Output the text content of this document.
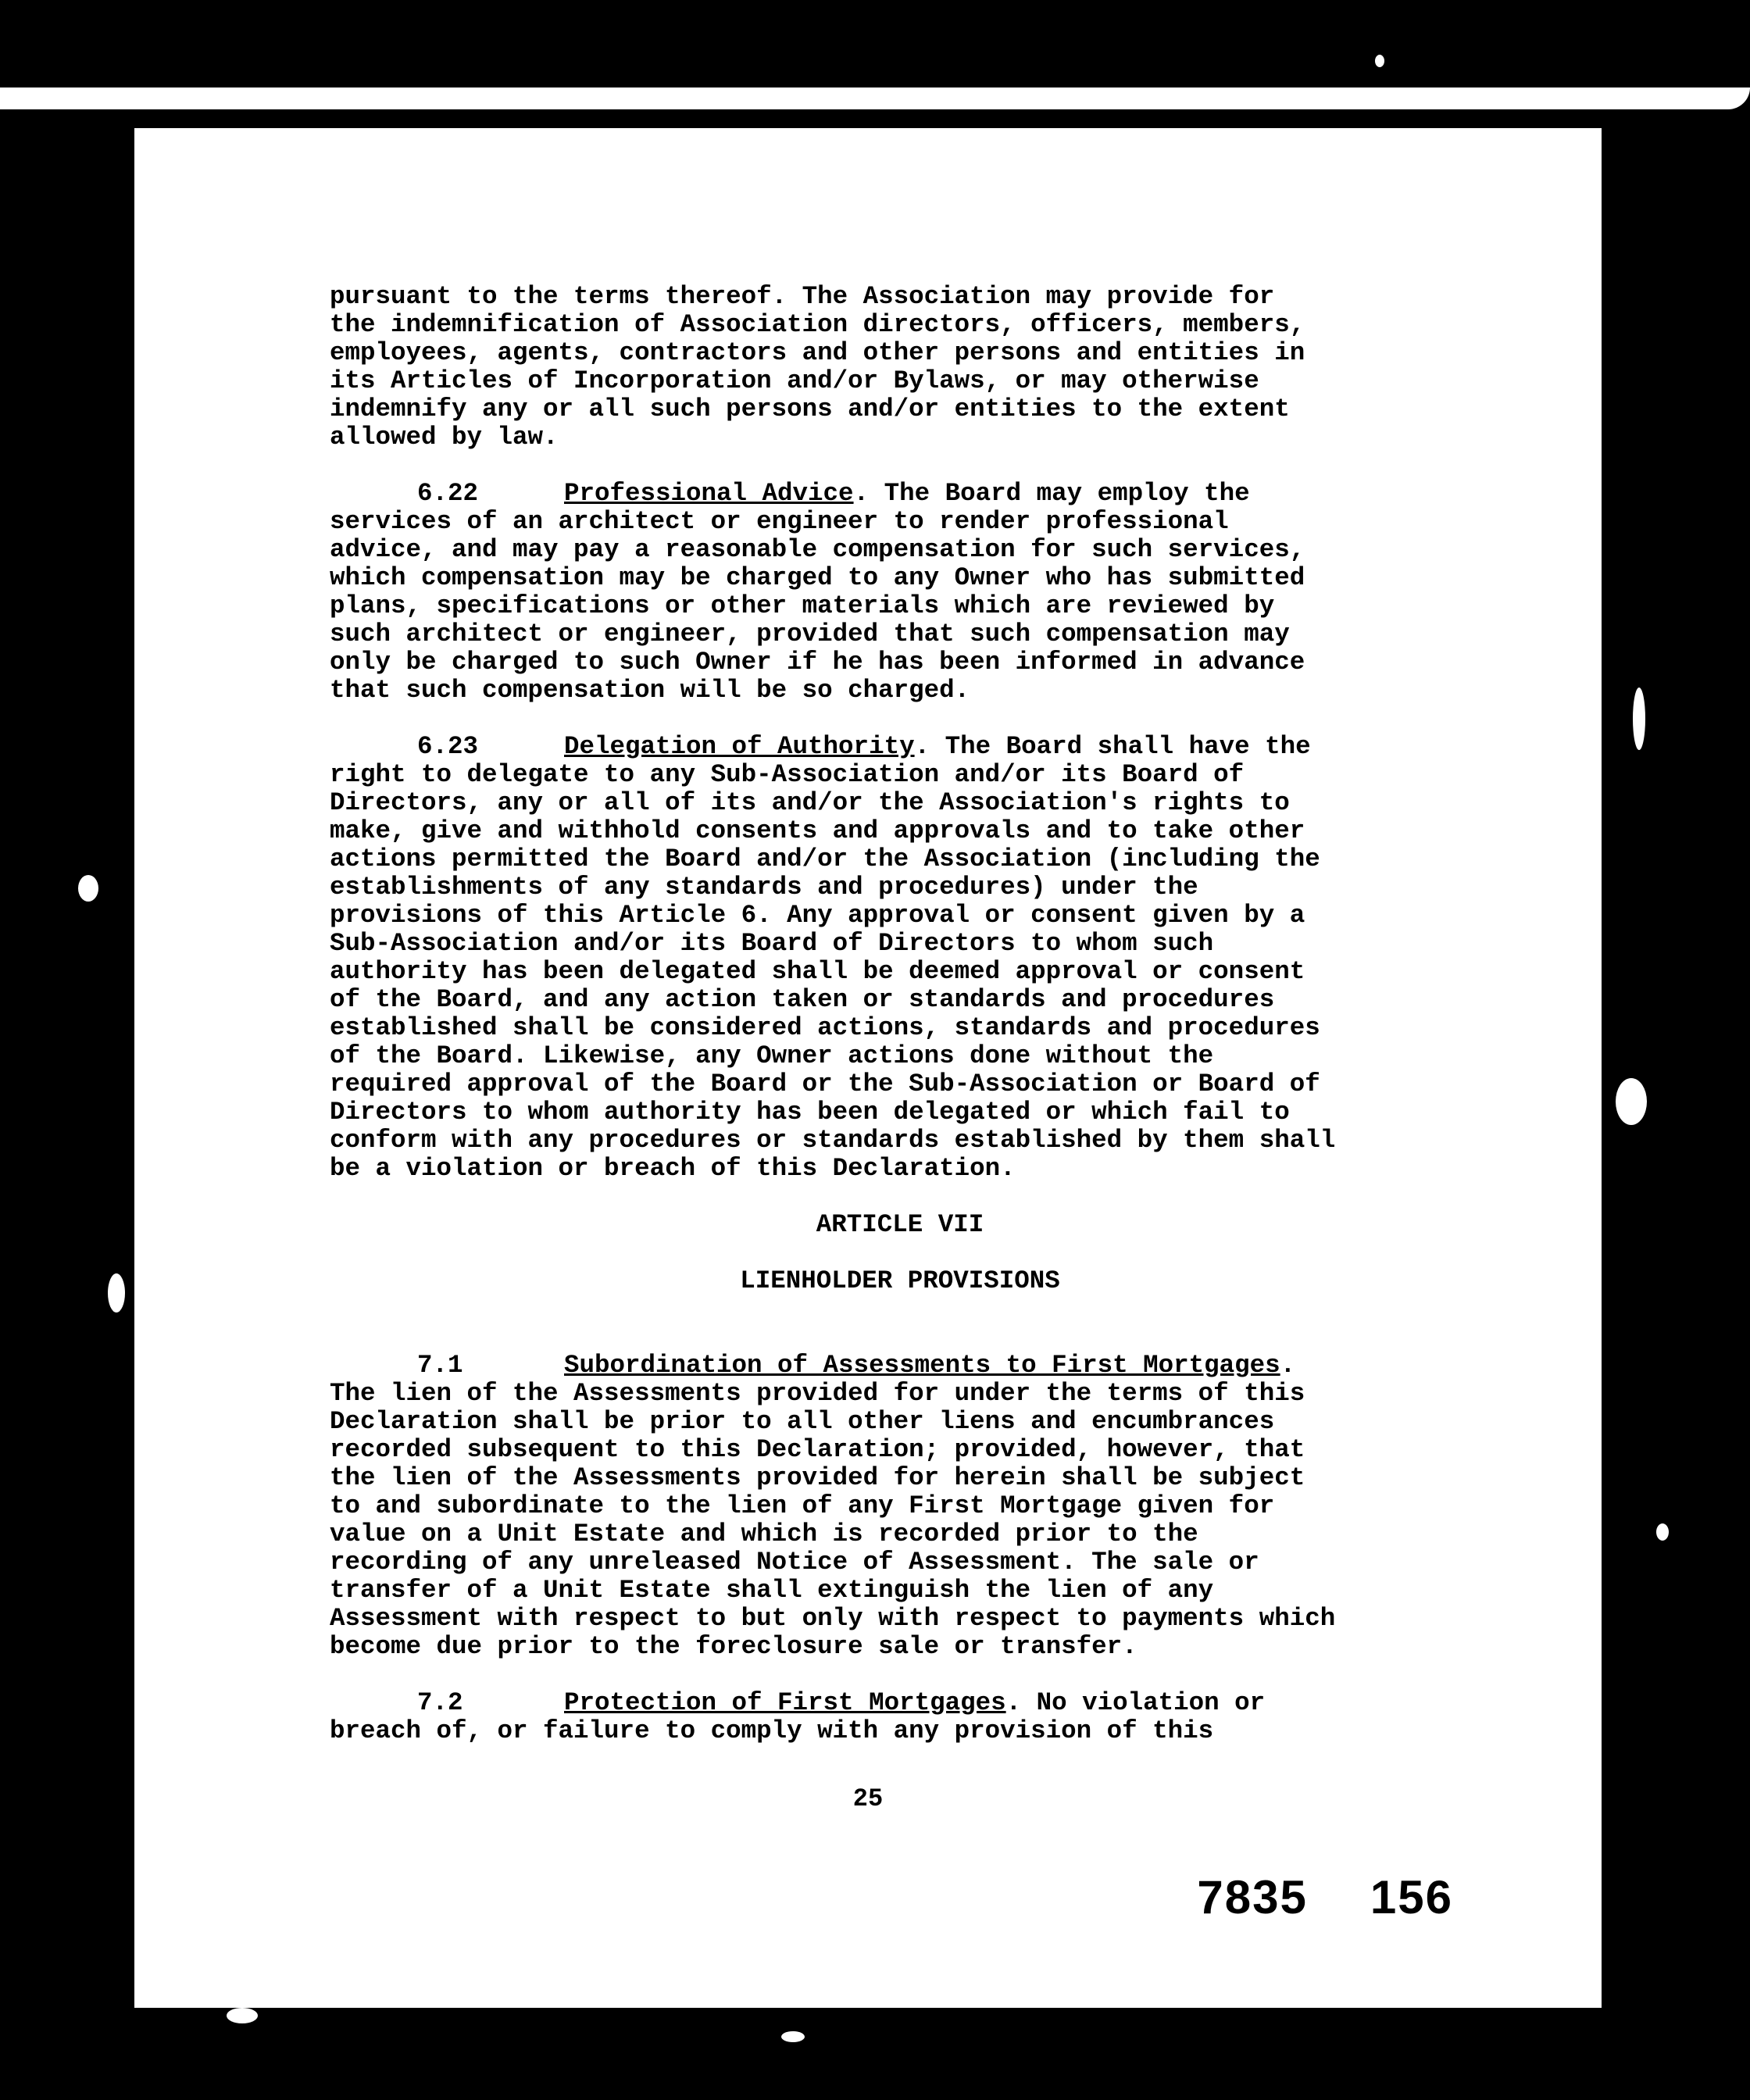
pursuant to the terms thereof. The Association may provide for
the indemnification of Association directors, officers, members,
employees, agents, contractors and other persons and entities in
its Articles of Incorporation and/or Bylaws, or may otherwise
indemnify any or all such persons and/or entities to the extent
allowed by law.

6.22	Professional Advice. The Board may employ the
services of an architect or engineer to render professional
advice, and may pay a reasonable compensation for such services,
which compensation may be charged to any Owner who has submitted
plans, specifications or other materials which are reviewed by
such architect or engineer, provided that such compensation may
only be charged to such Owner if he has been informed in advance
that such compensation will be so charged.

6.23	Delegation of Authority. The Board shall have the
right to delegate to any Sub-Association and/or its Board of
Directors, any or all of its and/or the Association's rights to
make, give and withhold consents and approvals and to take other
actions permitted the Board and/or the Association (including the
establishments of any standards and procedures) under the
provisions of this Article 6. Any approval or consent given by a
Sub-Association and/or its Board of Directors to whom such
authority has been delegated shall be deemed approval or consent
of the Board, and any action taken or standards and procedures
established shall be considered actions, standards and procedures
of the Board. Likewise, any Owner actions done without the
required approval of the Board or the Sub-Association or Board of
Directors to whom authority has been delegated or which fail to
conform with any procedures or standards established by them shall
be a violation or breach of this Declaration.

ARTICLE VII
LIENHOLDER PROVISIONS

7.1	Subordination of Assessments to First Mortgages.
The lien of the Assessments provided for under the terms of this
Declaration shall be prior to all other liens and encumbrances
recorded subsequent to this Declaration; provided, however, that
the lien of the Assessments provided for herein shall be subject
to and subordinate to the lien of any First Mortgage given for
value on a Unit Estate and which is recorded prior to the
recording of any unreleased Notice of Assessment. The sale or
transfer of a Unit Estate shall extinguish the lien of any
Assessment with respect to but only with respect to payments which
become due prior to the foreclosure sale or transfer.

7.2	Protection of First Mortgages. No violation or
breach of, or failure to comply with any provision of this

25
7835 156
